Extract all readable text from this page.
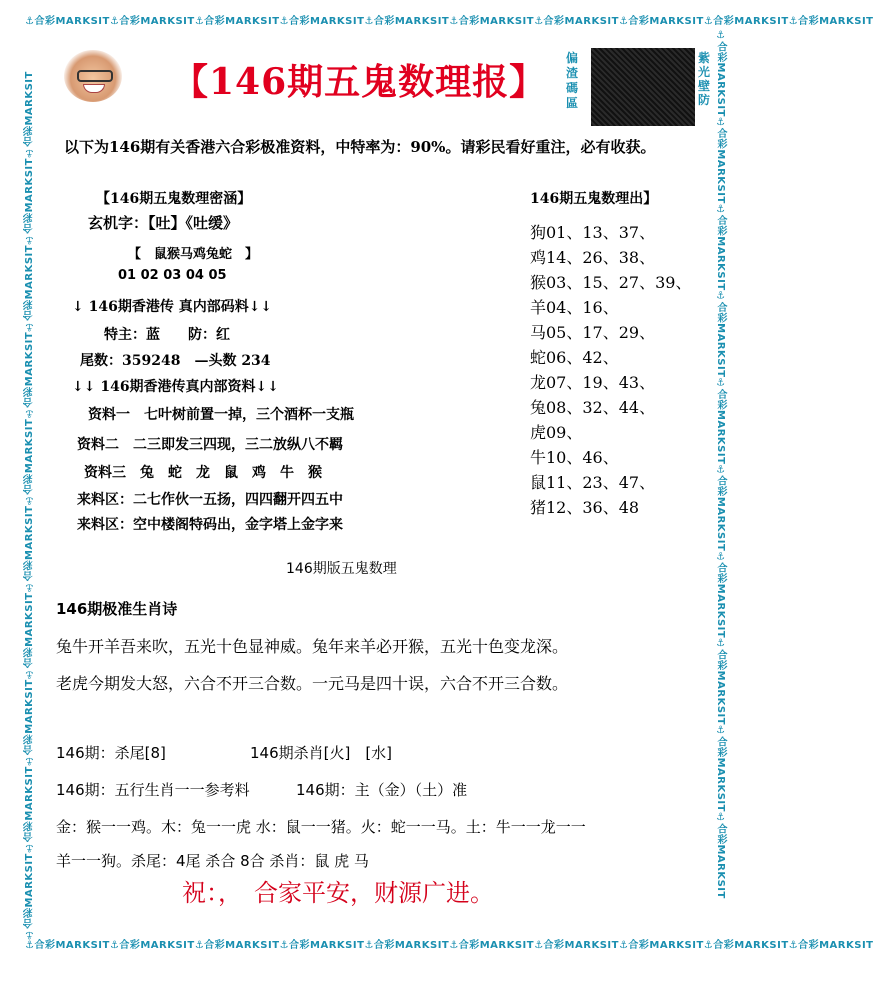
⚓合彩MARKSIT⚓合彩MARKSIT⚓合彩MARKSIT⚓合彩MARKSIT⚓合彩MARKSIT⚓合彩MARKSIT⚓合彩MARKSIT⚓合彩MARKSIT⚓合彩MARKSIT⚓合彩MARKSIT
⚓合彩MARKSIT⚓合彩MARKSIT⚓合彩MARKSIT⚓合彩MARKSIT⚓合彩MARKSIT⚓合彩MARKSIT⚓合彩MARKSIT⚓合彩MARKSIT⚓合彩MARKSIT⚓合彩MARKSIT
⚓合彩MARKSIT⚓合彩MARKSIT⚓合彩MARKSIT⚓合彩MARKSIT⚓合彩MARKSIT⚓合彩MARKSIT⚓合彩MARKSIT⚓合彩MARKSIT⚓合彩MARKSIT⚓合彩MARKSIT	⚓合彩MARKSIT⚓合彩MARKSIT⚓合彩MARKSIT⚓合彩MARKSIT⚓合彩MARKSIT⚓合彩MARKSIT⚓合彩MARKSIT⚓合彩MARKSIT⚓合彩MARKSIT⚓合彩MARKSIT
【146期五鬼数理报】
偏渣碼區
紫光壁防
以下为146期有关香港六合彩极准资料，中特率为：90%。请彩民看好重注，必有收获。
【146期五鬼数理密涵】
玄机字：【吐】《吐缓》
【　鼠猴马鸡兔蛇　】
01 02 03 04 05
↓ 146期香港传 真内部码料↓↓
特主：蓝　　防：红
尾数：359248　—头数 234
↓↓ 146期香港传真内部资料↓↓
资料一　七叶树前置一掉，三个酒杯一支瓶
资料二　二三即发三四现，三二放纵八不羁
资料三　兔　蛇　龙　鼠　鸡　牛　猴
来料区：二七作伙一五扬，四四翻开四五中
来料区：空中楼阁特码出，金字塔上金字来
146期五鬼数理出】
狗01、13、37、
鸡14、26、38、
猴03、15、27、39、
羊04、16、
马05、17、29、
蛇06、42、
龙07、19、43、
兔08、32、44、
虎09、
牛10、46、
鼠11、23、47、
猪12、36、48
146期版五鬼数理
146期极准生肖诗
兔牛开羊吾来吹，五光十色显神威。兔年来羊必开猴，五光十色变龙深。
老虎今期发大怒，六合不开三合数。一元马是四十误，六合不开三合数。
146期：杀尾[8]	146期杀肖[火]　[水]
146期：五行生肖一一参考料	146期：主（金）（土）准
金：猴一一鸡。木：兔一一虎 水：鼠一一猪。火：蛇一一马。土：牛一一龙一一
羊一一狗。杀尾：4尾 杀合 8合 杀肖：鼠 虎 马
祝：，　合家平安，财源广进。
